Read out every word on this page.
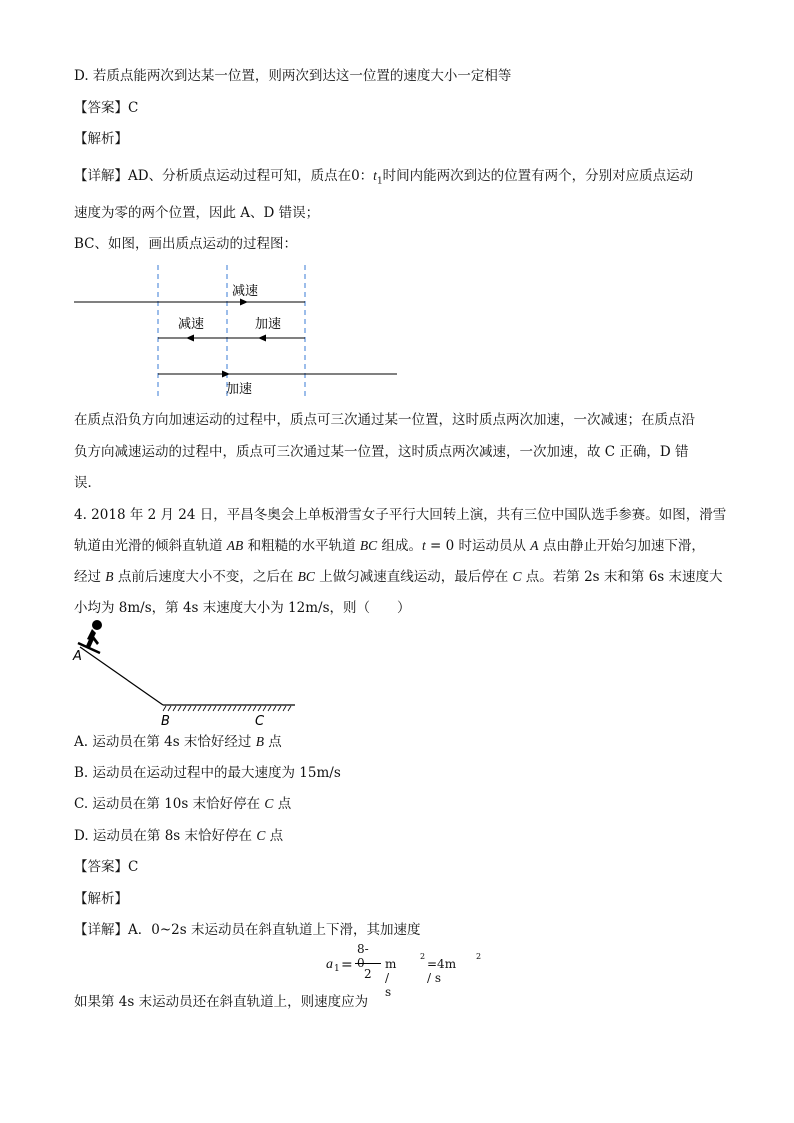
D. 若质点能两次到达某一位置，则两次到达这一位置的速度大小一定相等
【答案】C
【解析】
【详解】AD、分析质点运动过程可知，质点在0：$t_1$时间内能两次到达的位置有两个，分别对应质点运动
速度为零的两个位置，因此 A、D 错误；
BC、如图，画出质点运动的过程图：
减速
减速	加速
加速
在质点沿负方向加速运动的过程中，质点可三次通过某一位置，这时质点两次加速，一次减速；在质点沿
负方向减速运动的过程中，质点可三次通过某一位置，这时质点两次减速，一次加速，故 C 正确，D 错
误．
4. 2018 年 2 月 24 日，平昌冬奥会上单板滑雪女子平行大回转上演，共有三位中国队选手参赛。如图，滑雪
轨道由光滑的倾斜直轨道 AB 和粗糙的水平轨道 BC 组成。t = 0 时运动员从 A 点由静止开始匀加速下滑，
经过 B 点前后速度大小不变，之后在 BC 上做匀减速直线运动，最后停在 C 点。若第 2s 末和第 6s 末速度大
小均为 8m/s，第 4s 末速度大小为 12m/s，则（　　）
A
B	C
A. 运动员在第 4s 末恰好经过 B 点
B. 运动员在运动过程中的最大速度为 15m/s
C. 运动员在第 10s 末恰好停在 C 点
D. 运动员在第 8s 末恰好停在 C 点
【答案】C
【解析】
【详解】A．0~2s 末运动员在斜直轨道上下滑，其加速度
a 1 =
8-0
2
m / s
2
=4m / s
2
如果第 4s 末运动员还在斜直轨道上，则速度应为
